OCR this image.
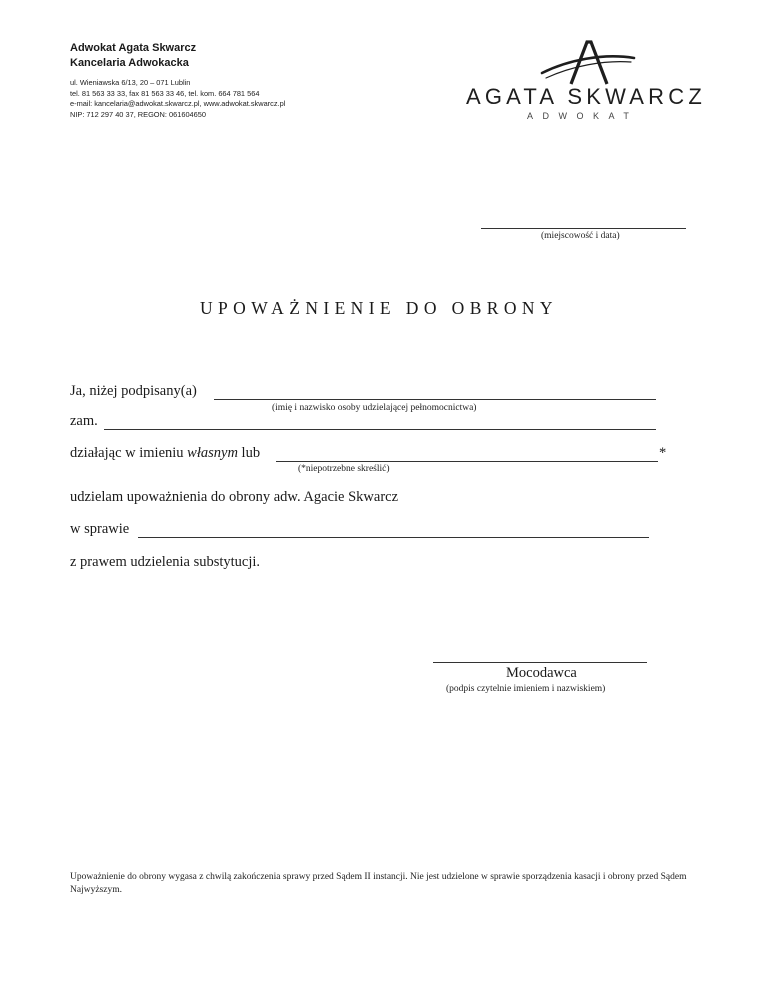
Adwokat Agata Skwarcz
Kancelaria Adwokacka
ul. Wieniawska 6/13, 20 – 071 Lublin
tel. 81 563 33 33, fax 81 563 33 46, tel. kom. 664 781 564
e-mail: kancelaria@adwokat.skwarcz.pl, www.adwokat.skwarcz.pl
NIP: 712 297 40 37, REGON: 061604650
AGATA SKWARCZ
ADWOKAT
(miejscowość i data)
UPOWAŻNIENIE DO OBRONY
Ja, niżej podpisany(a)
(imię i nazwisko osoby udzielającej pełnomocnictwa)
zam.
działając w imieniu własnym lub	*
(*niepotrzebne skreślić)
udzielam upoważnienia do obrony adw. Agacie Skwarcz
w sprawie
z prawem udzielenia substytucji.
Mocodawca
(podpis czytelnie imieniem i nazwiskiem)
Upoważnienie do obrony wygasa z chwilą zakończenia sprawy przed Sądem II instancji. Nie jest udzielone w sprawie sporządzenia kasacji i obrony przed Sądem Najwyższym.
